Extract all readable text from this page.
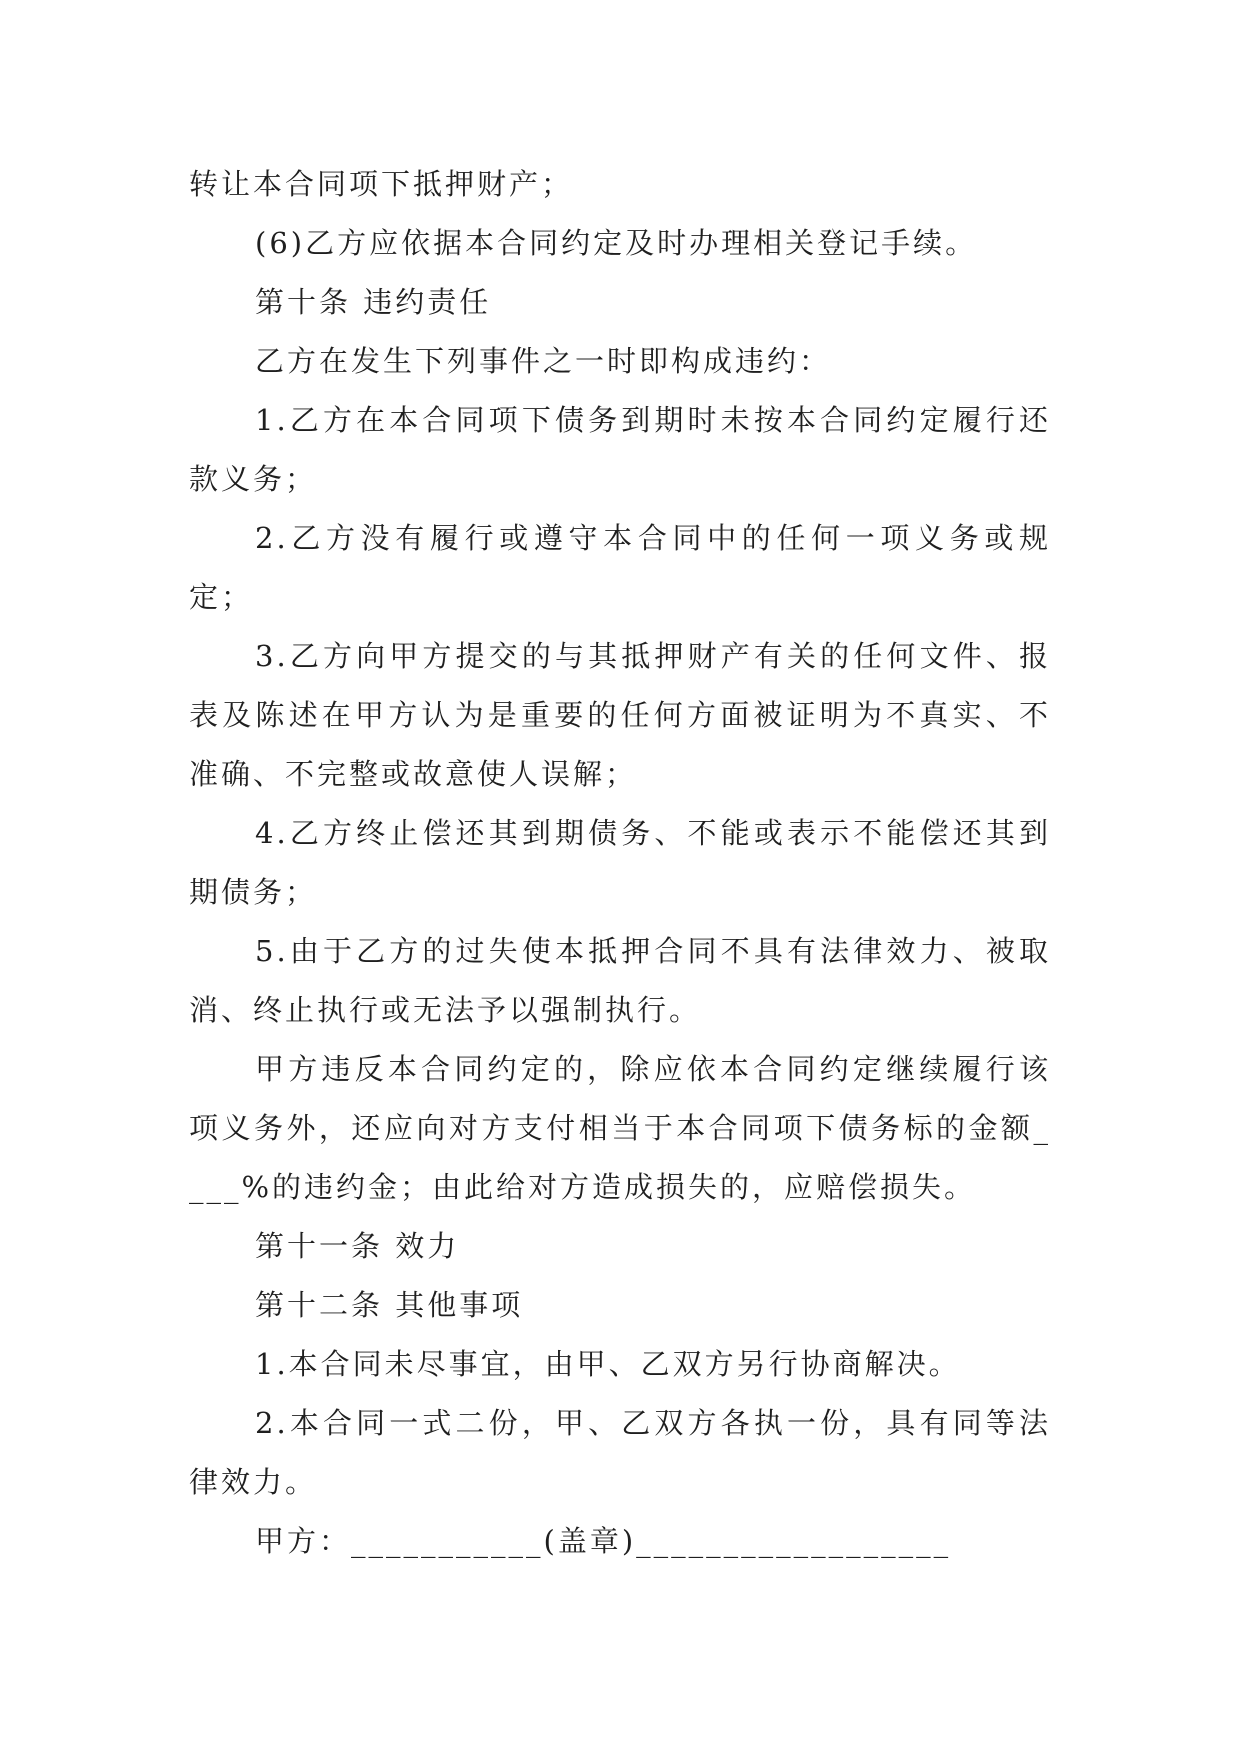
转让本合同项下抵押财产；

(6)乙方应依据本合同约定及时办理相关登记手续。

第十条 违约责任

乙方在发生下列事件之一时即构成违约：

1.乙方在本合同项下债务到期时未按本合同约定履行还款义务；

2.乙方没有履行或遵守本合同中的任何一项义务或规定；

3.乙方向甲方提交的与其抵押财产有关的任何文件、报表及陈述在甲方认为是重要的任何方面被证明为不真实、不准确、不完整或故意使人误解；

4.乙方终止偿还其到期债务、不能或表示不能偿还其到期债务；

5.由于乙方的过失使本抵押合同不具有法律效力、被取消、终止执行或无法予以强制执行。

甲方违反本合同约定的，除应依本合同约定继续履行该项义务外，还应向对方支付相当于本合同项下债务标的金额____%的违约金；由此给对方造成损失的，应赔偿损失。

第十一条 效力

第十二条 其他事项

1.本合同未尽事宜，由甲、乙双方另行协商解决。

2.本合同一式二份，甲、乙双方各执一份，具有同等法律效力。

甲方：___________(盖章)__________________
